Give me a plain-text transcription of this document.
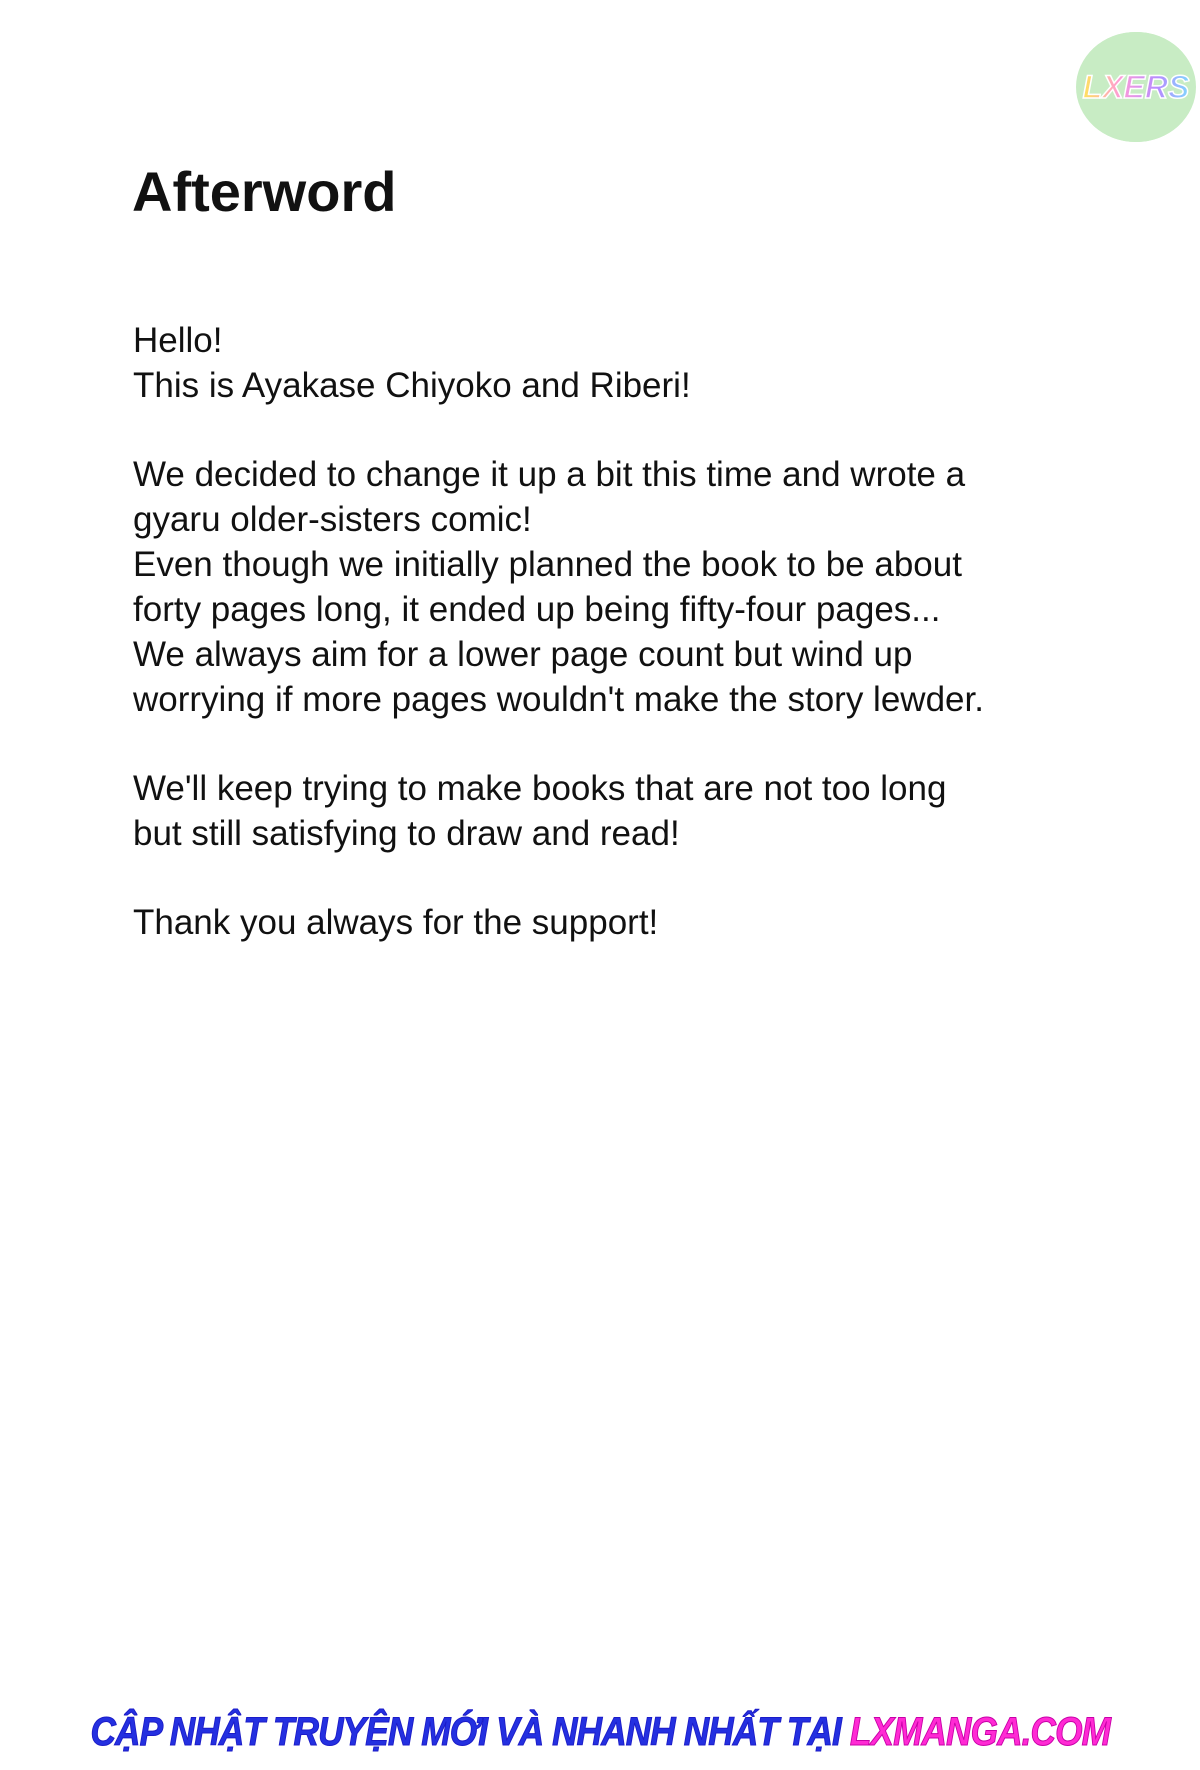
LXERS
Afterword
Hello!
This is Ayakase Chiyoko and Riberi!
We decided to change it up a bit this time and wrote a
gyaru older-sisters comic!
Even though we initially planned the book to be about
forty pages long, it ended up being fifty-four pages...
We always aim for a lower page count but wind up
worrying if more pages wouldn't make the story lewder.
We'll keep trying to make books that are not too long
but still satisfying to draw and read!
Thank you always for the support!
CẬP NHẬT TRUYỆN MỚI VÀ NHANH NHẤT TẠI LXMANGA.COM
